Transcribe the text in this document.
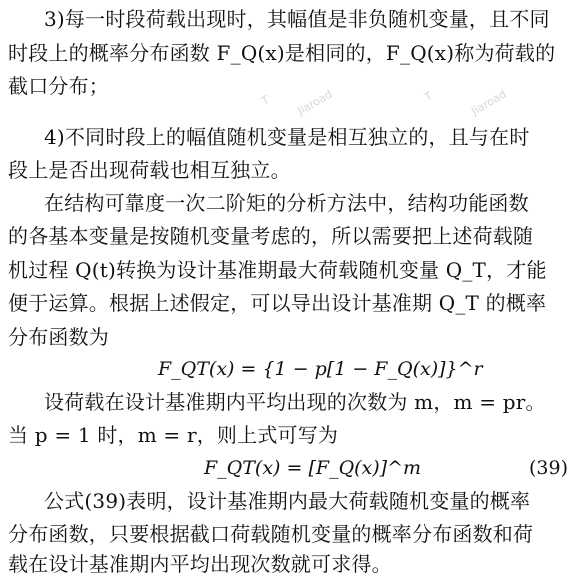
3)每一时段荷载出现时，其幅值是非负随机变量，且不同
时段上的概率分布函数 F_Q(x)是相同的，F_Q(x)称为荷载的
截口分布；
4)不同时段上的幅值随机变量是相互独立的，且与在时
段上是否出现荷载也相互独立。
在结构可靠度一次二阶矩的分析方法中，结构功能函数
的各基本变量是按随机变量考虑的，所以需要把上述荷载随
机过程 Q(t)转换为设计基准期最大荷载随机变量 Q_T，才能
便于运算。根据上述假定，可以导出设计基准期 Q_T 的概率
分布函数为
F_QT(x) = {1 − p[1 − F_Q(x)]}^r
设荷载在设计基准期内平均出现的次数为 m，m = pr。
当 p = 1 时，m = r，则上式可写为
F_QT(x) = [F_Q(x)]^m	(39)
公式(39)表明，设计基准期内最大荷载随机变量的概率
分布函数，只要根据截口荷载随机变量的概率分布函数和荷
载在设计基准期内平均出现次数就可求得。
T Jiaroad	T	Jiaroad
